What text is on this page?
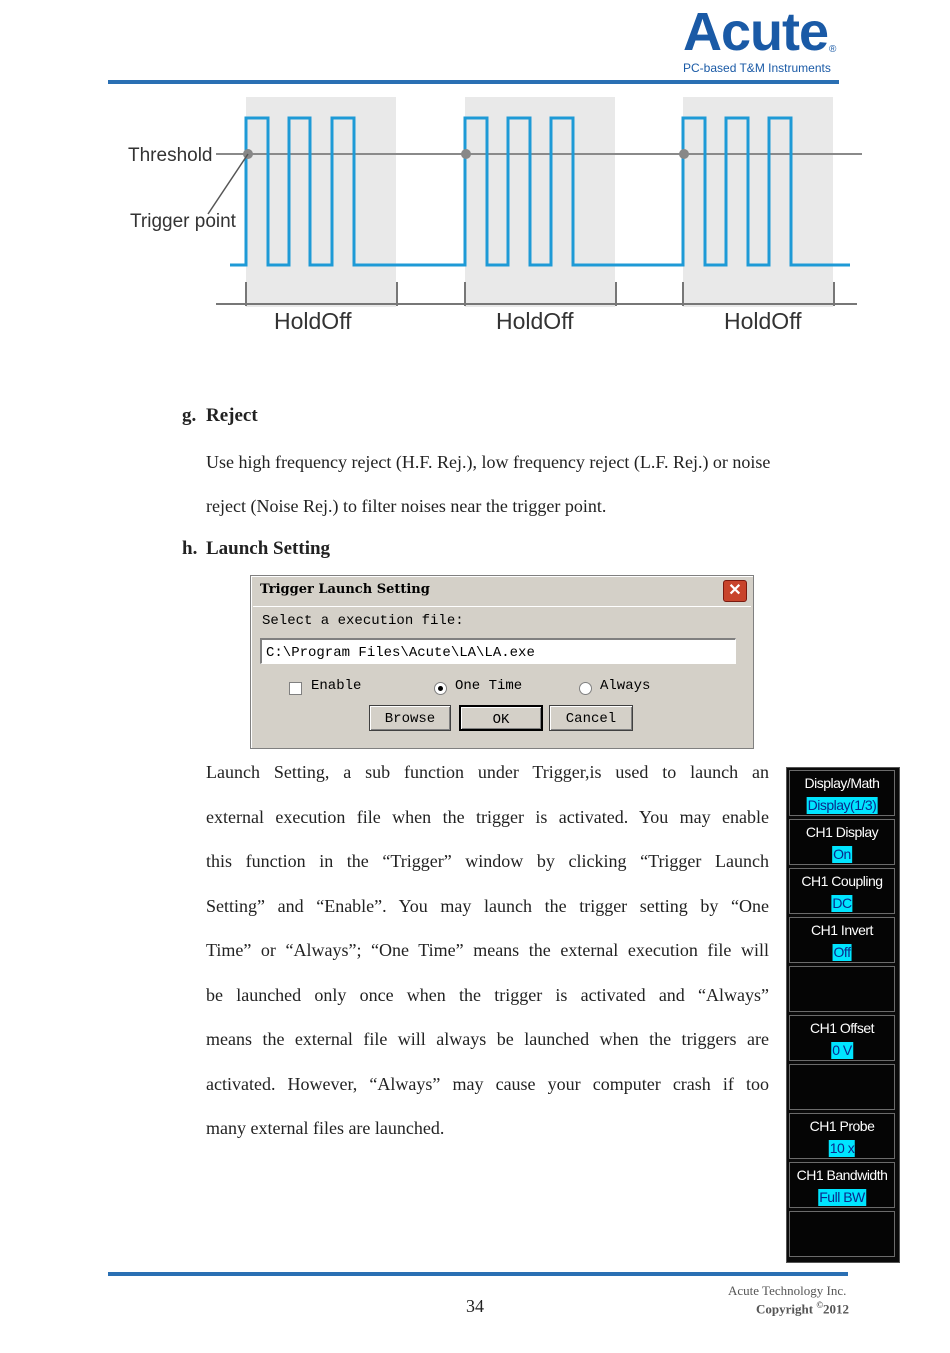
Acute ®
PC-based T&M Instruments
Threshold
Trigger point
HoldOff	HoldOff	HoldOff
g. Reject
Use high frequency reject (H.F. Rej.), low frequency reject (L.F. Rej.) or noise
reject (Noise Rej.) to filter noises near the trigger point.
h. Launch Setting
Trigger Launch Setting	✕
Select a execution file:
C:\Program Files\Acute\LA\LA.exe
Enable	One Time	Always
Browse	OK	Cancel
Launch Setting, a sub function under Trigger,is used to launch an
external execution file when the trigger is activated. You may enable
this function in the “Trigger” window by clicking “Trigger Launch
Setting” and “Enable”. You may launch the trigger setting by “One
Time” or “Always”; “One Time” means the external execution file will
be launched only once when the trigger is activated and “Always”
means the external file will always be launched when the triggers are
activated. However, “Always” may cause your computer crash if too
many external files are launched.
Display/Math
Display(1/3)
CH1 Display
On
CH1 Coupling
DC
CH1 Invert
Off
CH1 Offset
0 V
CH1 Probe
10 x
CH1 Bandwidth
Full BW
34
Acute Technology Inc.
Copyright ©2012
